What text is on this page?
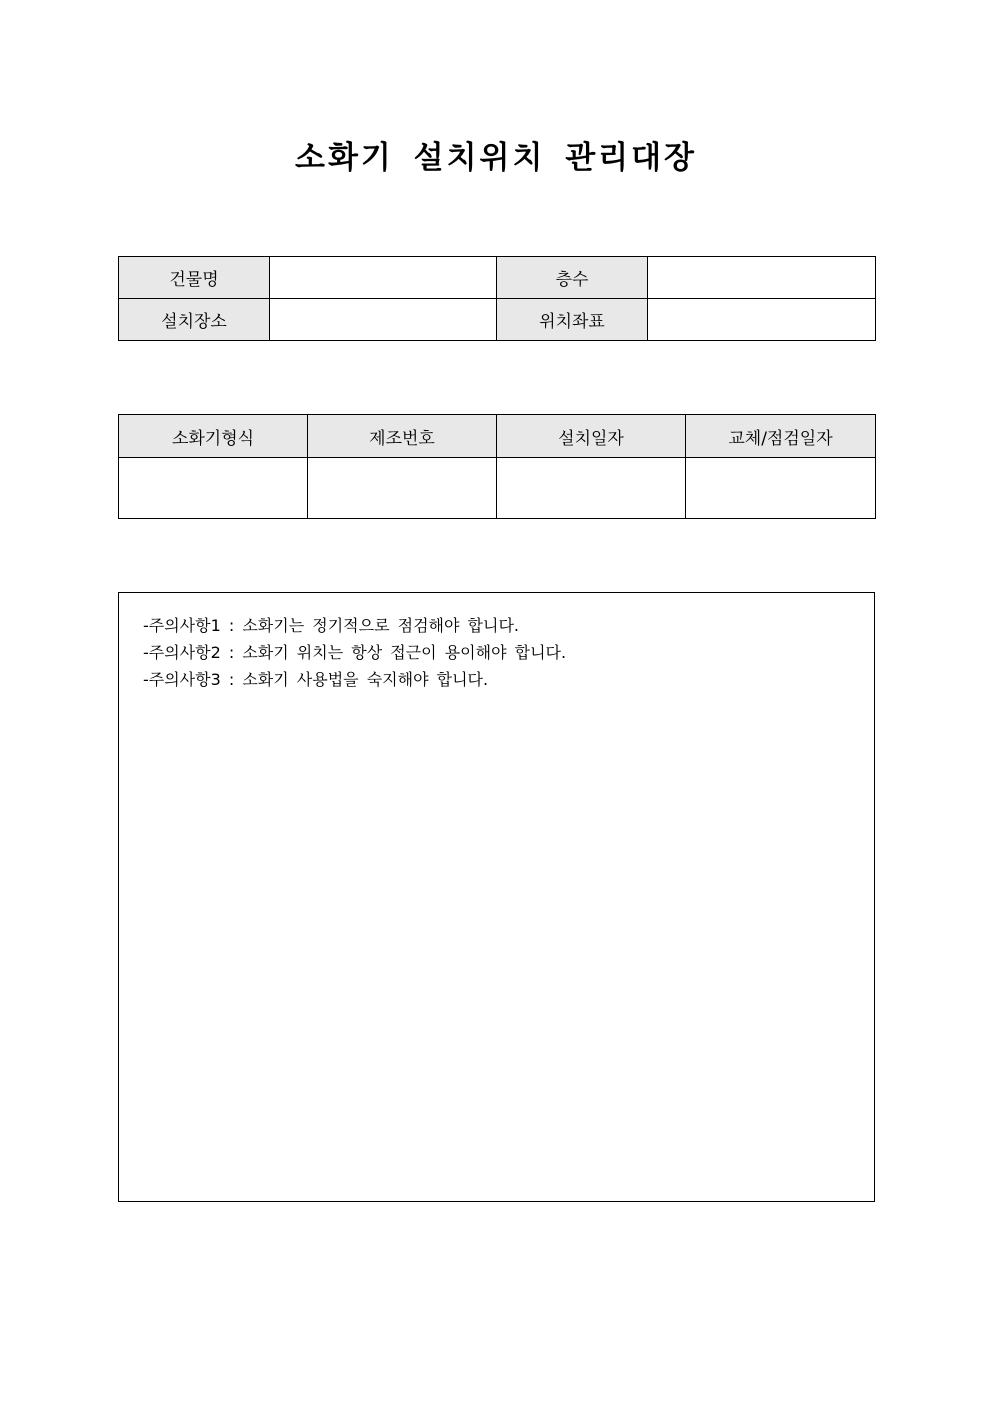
소화기 설치위치 관리대장
건물명		층수	
설치장소		위치좌표	
소화기형식	제조번호	설치일자	교체/점검일자

-주의사항1 : 소화기는 정기적으로 점검해야 합니다.
-주의사항2 : 소화기 위치는 항상 접근이 용이해야 합니다.
-주의사항3 : 소화기 사용법을 숙지해야 합니다.
